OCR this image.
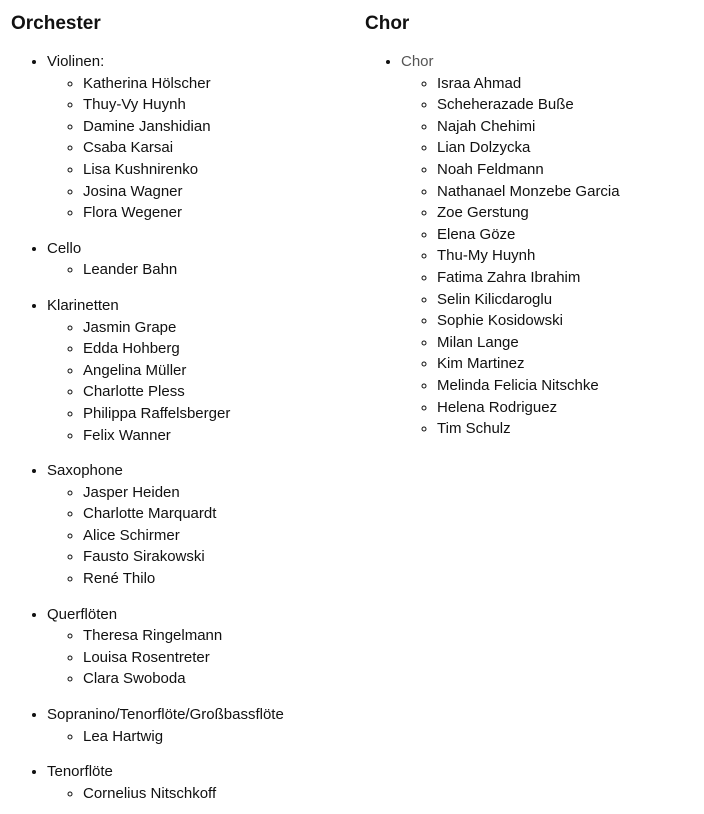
Orchester
• Violinen:
◦ Katherina Hölscher
◦ Thuy-Vy Huynh
◦ Damine Janshidian
◦ Csaba Karsai
◦ Lisa Kushnirenko
◦ Josina Wagner
◦ Flora Wegener
• Cello
◦ Leander Bahn
• Klarinetten
◦ Jasmin Grape
◦ Edda Hohberg
◦ Angelina Müller
◦ Charlotte Pless
◦ Philippa Raffelsberger
◦ Felix Wanner
• Saxophone
◦ Jasper Heiden
◦ Charlotte Marquardt
◦ Alice Schirmer
◦ Fausto Sirakowski
◦ René Thilo
• Querflöten
◦ Theresa Ringelmann
◦ Louisa Rosentreter
◦ Clara Swoboda
• Sopranino/Tenorflöte/Großbassflöte
◦ Lea Hartwig
• Tenorflöte
◦ Cornelius Nitschkoff
Chor
• Chor
◦ Israa Ahmad
◦ Scheherazade Buße
◦ Najah Chehimi
◦ Lian Dolzycka
◦ Noah Feldmann
◦ Nathanael Monzebe Garcia
◦ Zoe Gerstung
◦ Elena Göze
◦ Thu-My Huynh
◦ Fatima Zahra Ibrahim
◦ Selin Kilicdaroglu
◦ Sophie Kosidowski
◦ Milan Lange
◦ Kim Martinez
◦ Melinda Felicia Nitschke
◦ Helena Rodriguez
◦ Tim Schulz
